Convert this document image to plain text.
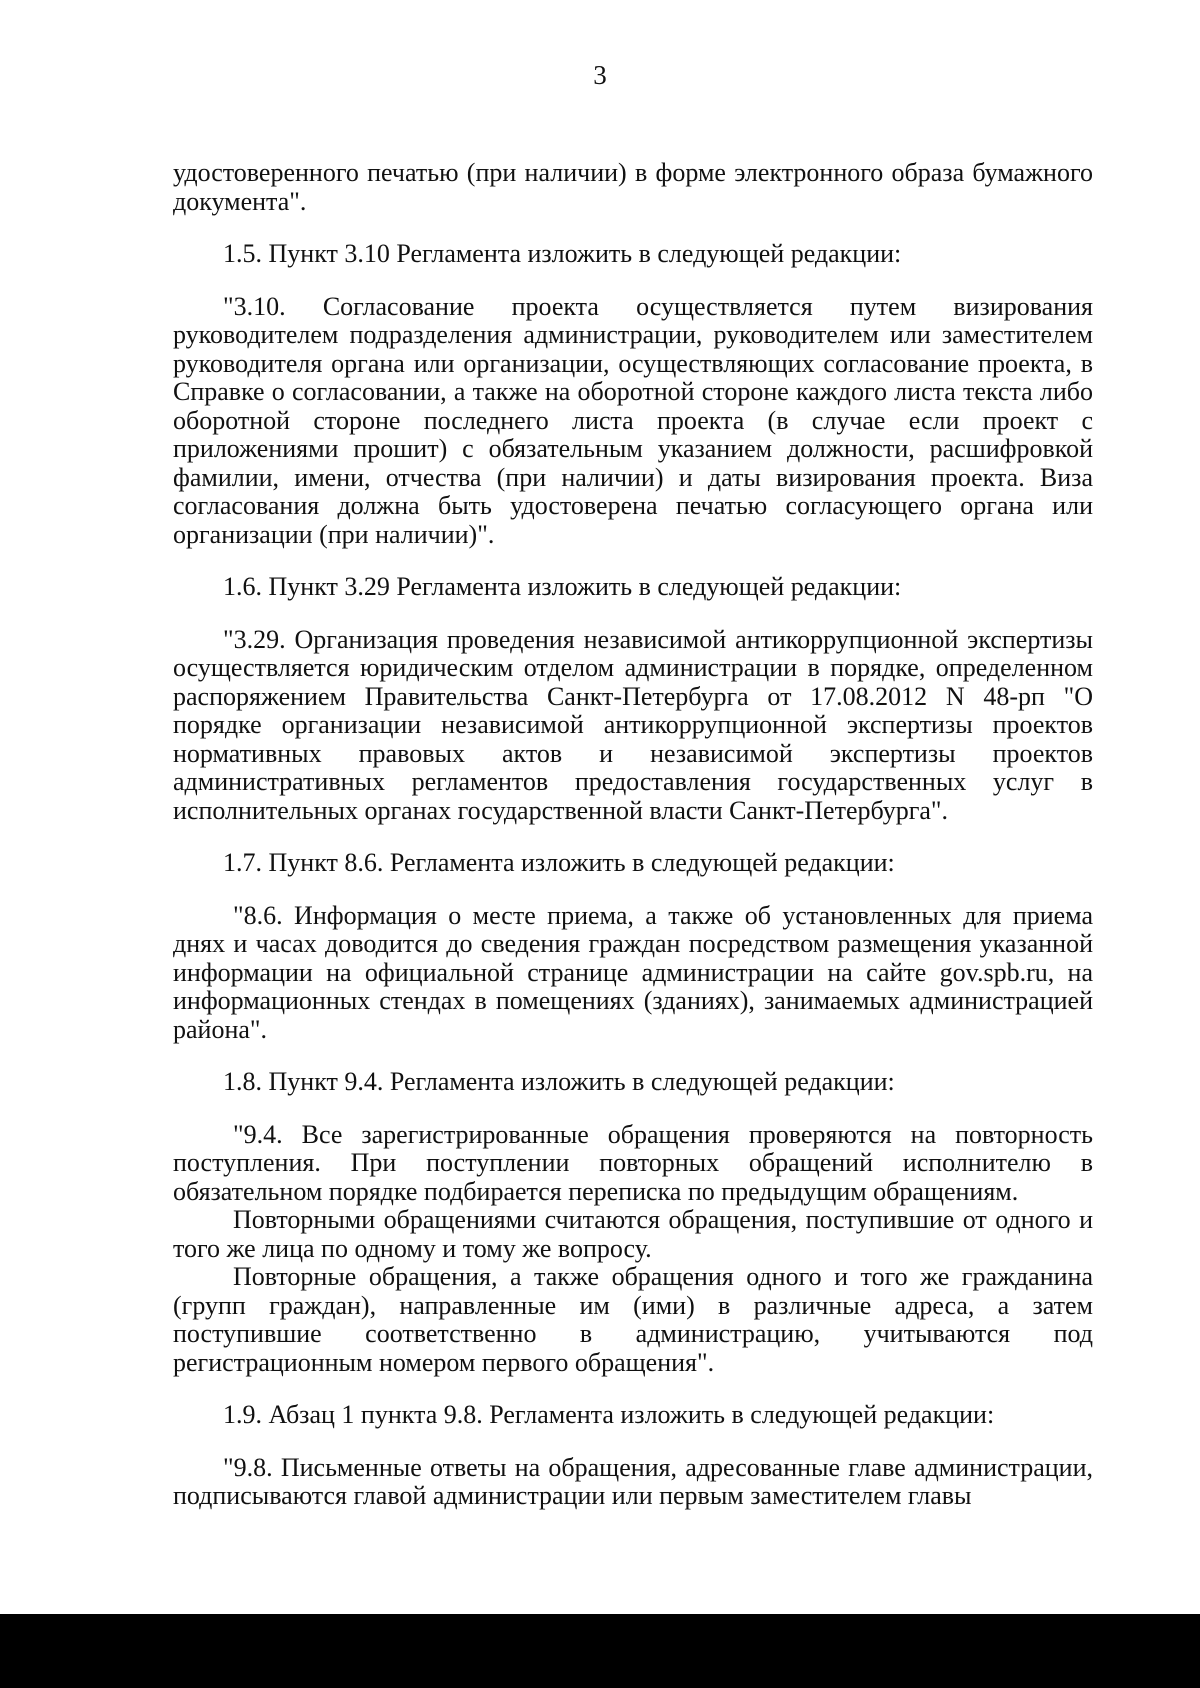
3

удостоверенного печатью (при наличии) в форме электронного образа бумажного документа".

1.5. Пункт 3.10 Регламента изложить в следующей редакции:

"3.10. Согласование проекта осуществляется путем визирования руководителем подразделения администрации, руководителем или заместителем руководителя органа или организации, осуществляющих согласование проекта, в Справке о согласовании, а также на оборотной стороне каждого листа текста либо оборотной стороне последнего листа проекта (в случае если проект с приложениями прошит) с обязательным указанием должности, расшифровкой фамилии, имени, отчества (при наличии) и даты визирования проекта. Виза согласования должна быть удостоверена печатью согласующего органа или организации (при наличии)".

1.6. Пункт 3.29 Регламента изложить в следующей редакции:

"3.29. Организация проведения независимой антикоррупционной экспертизы осуществляется юридическим отделом администрации в порядке, определенном распоряжением Правительства Санкт-Петербурга от 17.08.2012 N 48-рп "О порядке организации независимой антикоррупционной экспертизы проектов нормативных правовых актов и независимой экспертизы проектов административных регламентов предоставления государственных услуг в исполнительных органах государственной власти Санкт-Петербурга".

1.7. Пункт 8.6. Регламента изложить в следующей редакции:

"8.6. Информация о месте приема, а также об установленных для приема днях и часах доводится до сведения граждан посредством размещения указанной информации на официальной странице администрации на сайте gov.spb.ru, на информационных стендах в помещениях (зданиях), занимаемых администрацией района".

1.8. Пункт 9.4. Регламента изложить в следующей редакции:

"9.4. Все зарегистрированные обращения проверяются на повторность поступления. При поступлении повторных обращений исполнителю в обязательном порядке подбирается переписка по предыдущим обращениям.

Повторными обращениями считаются обращения, поступившие от одного и того же лица по одному и тому же вопросу.

Повторные обращения, а также обращения одного и того же гражданина (групп граждан), направленные им (ими) в различные адреса, а затем поступившие соответственно в администрацию, учитываются под регистрационным номером первого обращения".

1.9. Абзац 1 пункта 9.8. Регламента изложить в следующей редакции:

"9.8. Письменные ответы на обращения, адресованные главе администрации, подписываются главой администрации или первым заместителем главы
